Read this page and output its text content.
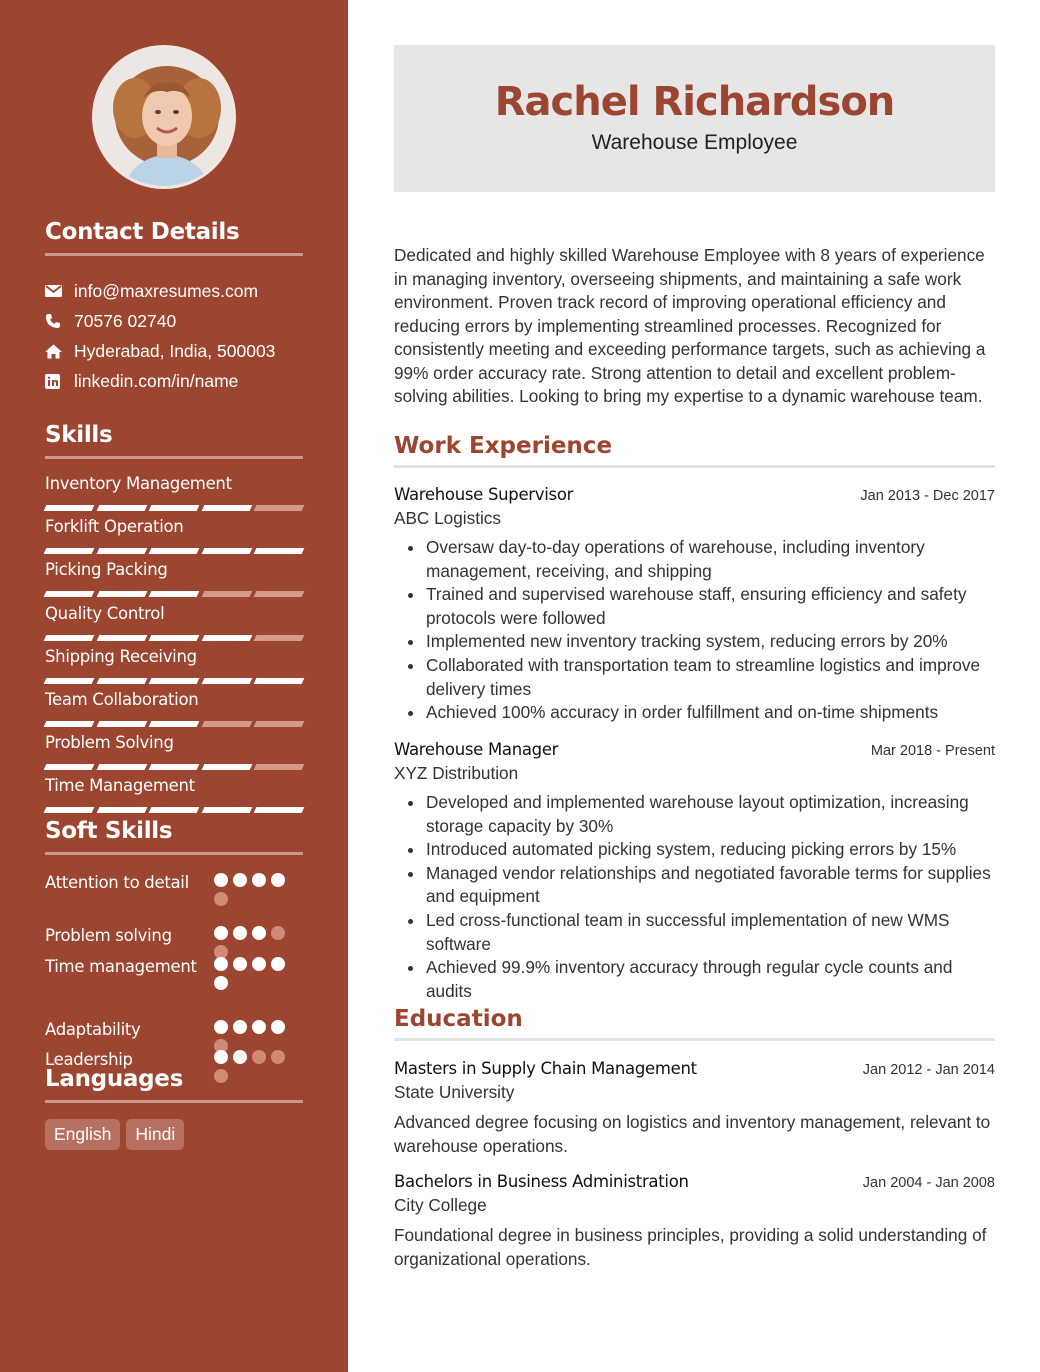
Contact Details
info@maxresumes.com
70576 02740
Hyderabad, India, 500003
linkedin.com/in/name
Skills
Inventory Management
Forklift Operation
Picking Packing
Quality Control
Shipping Receiving
Team Collaboration
Problem Solving
Time Management
Soft Skills
Attention to detail
Problem solving
Time management
Adaptability
Leadership
Languages
English	Hindi
Rachel Richardson
Warehouse Employee

Dedicated and highly skilled Warehouse Employee with 8 years of experience in managing inventory, overseeing shipments, and maintaining a safe work environment. Proven track record of improving operational efficiency and reducing errors by implementing streamlined processes. Recognized for consistently meeting and exceeding performance targets, such as achieving a 99% order accuracy rate. Strong attention to detail and excellent problem-solving abilities. Looking to bring my expertise to a dynamic warehouse team.

Work Experience
Warehouse Supervisor	Jan 2013 - Dec 2017
ABC Logistics
Oversaw day-to-day operations of warehouse, including inventory management, receiving, and shipping
Trained and supervised warehouse staff, ensuring efficiency and safety protocols were followed
Implemented new inventory tracking system, reducing errors by 20%
Collaborated with transportation team to streamline logistics and improve delivery times
Achieved 100% accuracy in order fulfillment and on-time shipments
Warehouse Manager	Mar 2018 - Present
XYZ Distribution
Developed and implemented warehouse layout optimization, increasing storage capacity by 30%
Introduced automated picking system, reducing picking errors by 15%
Managed vendor relationships and negotiated favorable terms for supplies and equipment
Led cross-functional team in successful implementation of new WMS software
Achieved 99.9% inventory accuracy through regular cycle counts and audits
Education
Masters in Supply Chain Management	Jan 2012 - Jan 2014
State University

Advanced degree focusing on logistics and inventory management, relevant to warehouse operations.

Bachelors in Business Administration	Jan 2004 - Jan 2008
City College

Foundational degree in business principles, providing a solid understanding of organizational operations.
